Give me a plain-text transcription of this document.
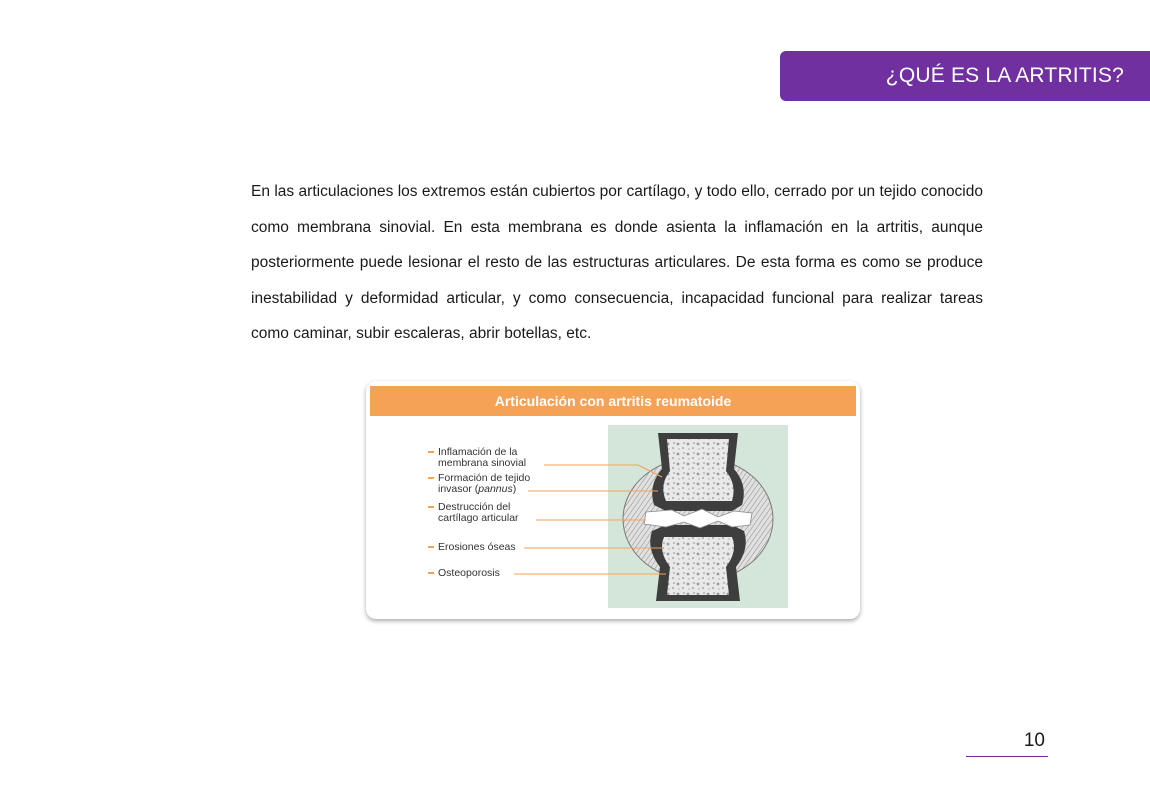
¿QUÉ ES LA ARTRITIS?

En las articulaciones los extremos están cubiertos por cartílago, y todo ello, cerrado por un tejido conocido como membrana sinovial. En esta membrana es donde asienta la inflamación en la artritis, aunque posteriormente puede lesionar el resto de las estructuras articulares. De esta forma es como se produce inestabilidad y deformidad articular, y como consecuencia, incapacidad funcional para realizar tareas como caminar, subir escaleras, abrir botellas, etc.

Articulación con artritis reumatoide
Inflamación de la
membrana sinovial
Formación de tejido
invasor (pannus)
Destrucción del
cartílago articular
Erosiones óseas
Osteoporosis
10
